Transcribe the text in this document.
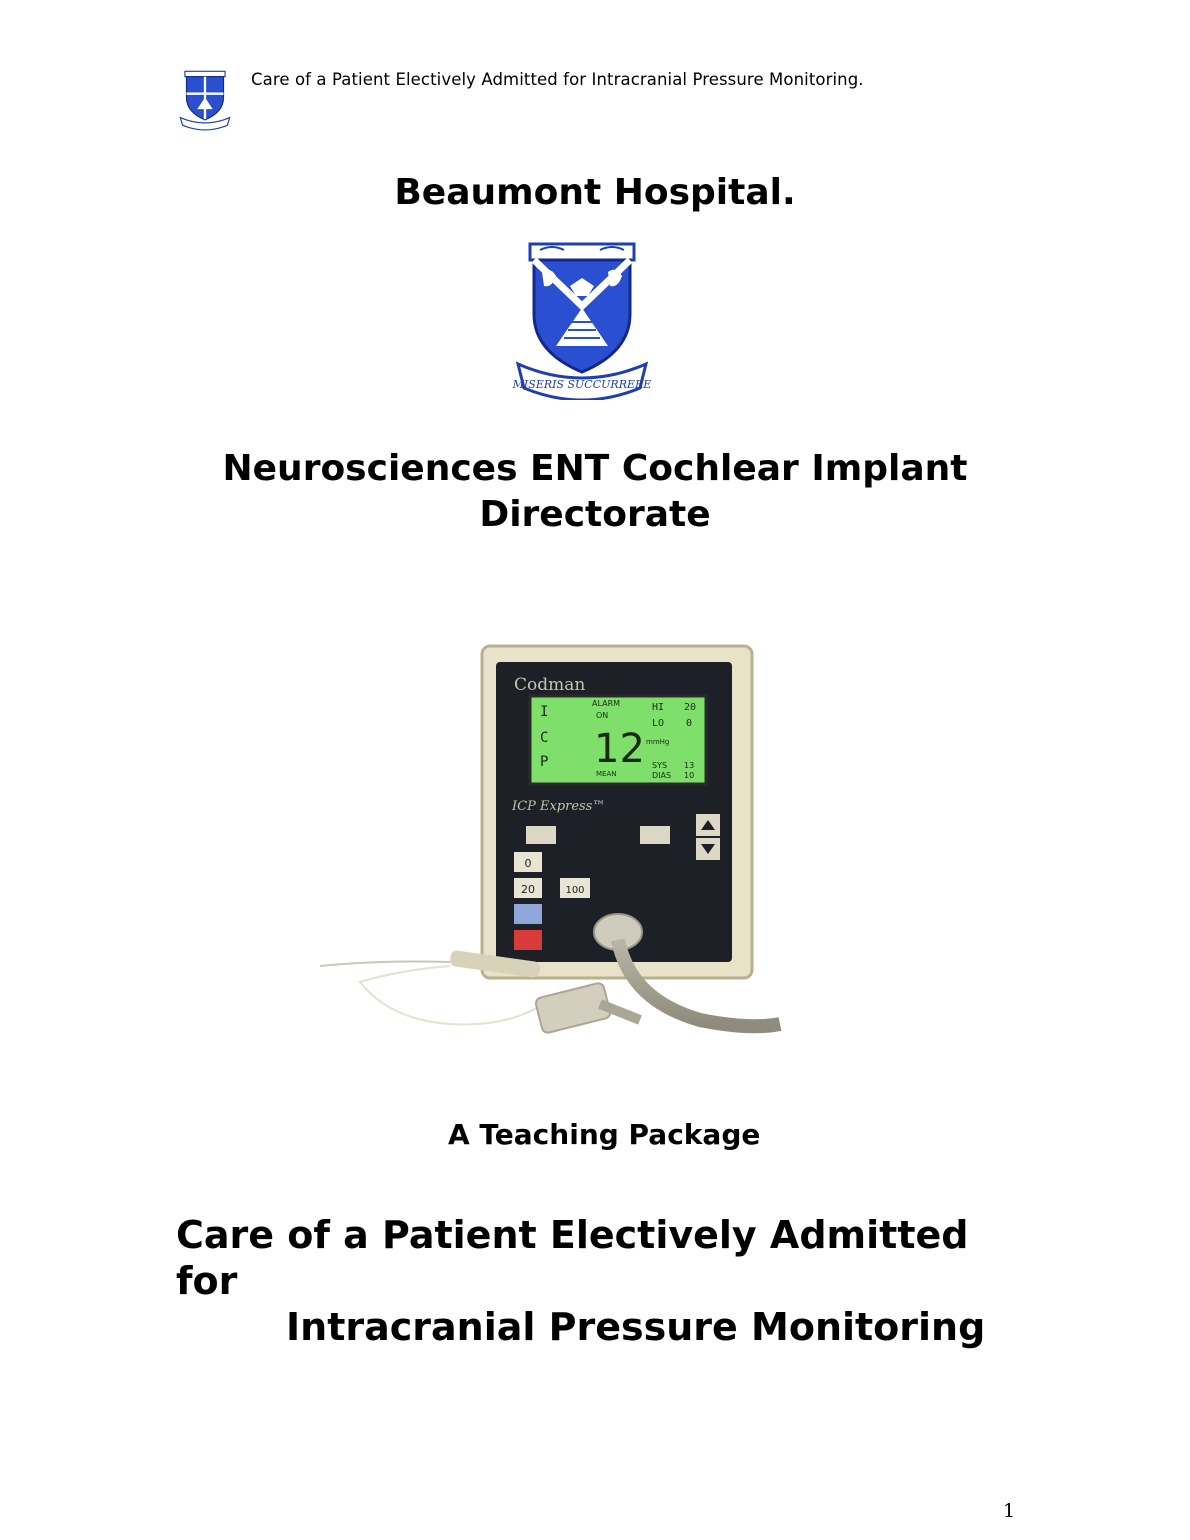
Care of a Patient Electively Admitted for Intracranial Pressure Monitoring.
Beaumont Hospital.
MISERIS SUCCURRERE
Neurosciences ENT Cochlear Implant
Directorate
Codman
I
C
P
ALARM
ON
HI 20
LO 0
12 mmHg
MEAN
SYS 13
DIAS 10
ICP Express™
0
20	100
A Teaching Package
Care of a Patient Electively Admitted
for
Intracranial Pressure Monitoring
1
